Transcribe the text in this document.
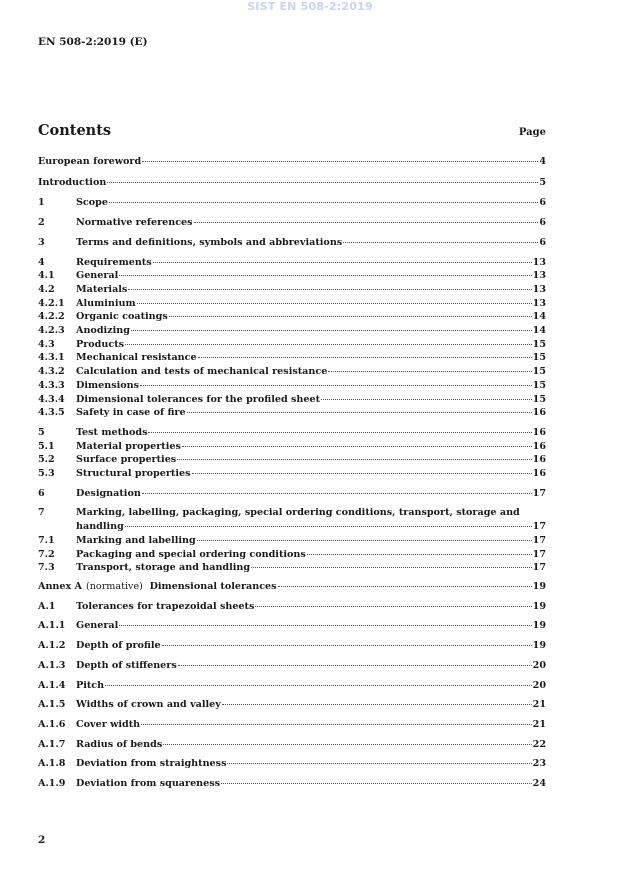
SIST EN 508-2:2019
EN 508-2:2019 (E)
Contents	Page
European foreword	4
Introduction	5
1	Scope	6
2	Normative references	6
3	Terms and definitions, symbols and abbreviations	6
4	Requirements	13
4.1	General	13
4.2	Materials	13
4.2.1	Aluminium	13
4.2.2	Organic coatings	14
4.2.3	Anodizing	14
4.3	Products	15
4.3.1	Mechanical resistance	15
4.3.2	Calculation and tests of mechanical resistance	15
4.3.3	Dimensions	15
4.3.4	Dimensional tolerances for the profiled sheet	15
4.3.5	Safety in case of fire	16
5	Test methods	16
5.1	Material properties	16
5.2	Surface properties	16
5.3	Structural properties	16
6	Designation	17
7	Marking, labelling, packaging, special ordering conditions, transport, storage and
handling	17
7.1	Marking and labelling	17
7.2	Packaging and special ordering conditions	17
7.3	Transport, storage and handling	17
Annex A (normative) Dimensional tolerances	19
A.1	Tolerances for trapezoidal sheets	19
A.1.1	General	19
A.1.2	Depth of profile	19
A.1.3	Depth of stiffeners	20
A.1.4	Pitch	20
A.1.5	Widths of crown and valley	21
A.1.6	Cover width	21
A.1.7	Radius of bends	22
A.1.8	Deviation from straightness	23
A.1.9	Deviation from squareness	24
2
